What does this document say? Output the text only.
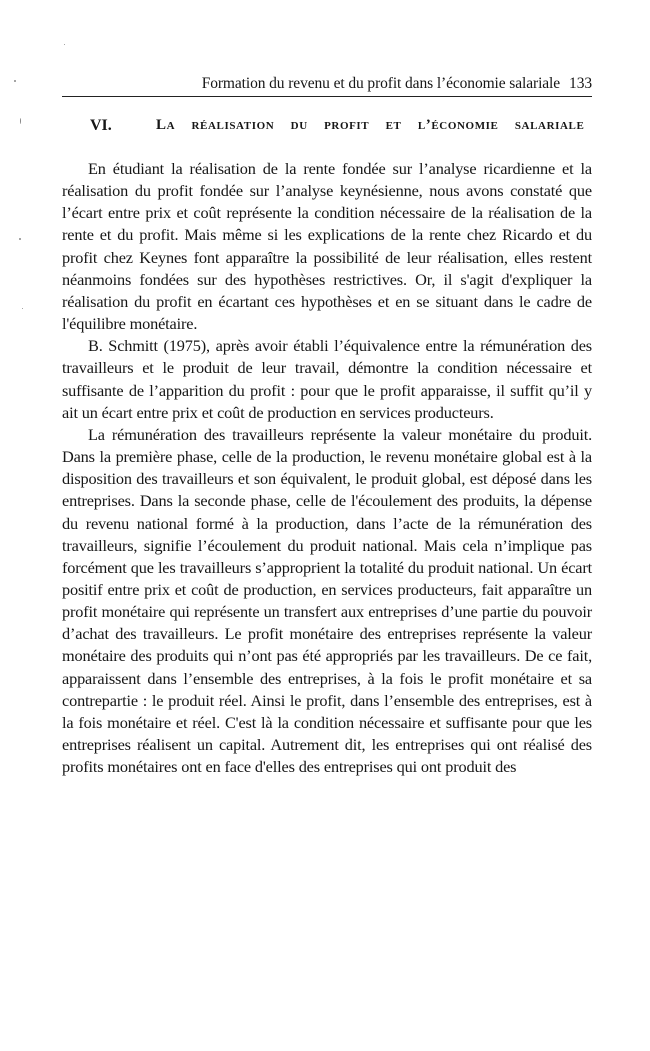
Formation du revenu et du profit dans l’économie salariale 133
VI.	La réalisation du profit et l’économie salariale

En étudiant la réalisation de la rente fondée sur l’analyse ricardienne et la réalisation du profit fondée sur l’analyse keynésienne, nous avons constaté que l’écart entre prix et coût représente la condition nécessaire de la réalisation de la rente et du profit. Mais même si les explications de la rente chez Ricardo et du profit chez Keynes font apparaître la possibilité de leur réalisation, elles restent néanmoins fondées sur des hypothèses restrictives. Or, il s'agit d'expliquer la réalisation du profit en écartant ces hypothèses et en se situant dans le cadre de l'équilibre monétaire.

B. Schmitt (1975), après avoir établi l’équivalence entre la rémunération des travailleurs et le produit de leur travail, démontre la condition nécessaire et suffisante de l’apparition du profit : pour que le profit apparaisse, il suffit qu’il y ait un écart entre prix et coût de production en services producteurs.

La rémunération des travailleurs représente la valeur monétaire du produit. Dans la première phase, celle de la production, le revenu monétaire global est à la disposition des travailleurs et son équivalent, le produit global, est déposé dans les entreprises. Dans la seconde phase, celle de l'écoulement des produits, la dépense du revenu national formé à la production, dans l’acte de la rémunération des travailleurs, signifie l’écoulement du produit national. Mais cela n’implique pas forcément que les travailleurs s’approprient la totalité du produit national. Un écart positif entre prix et coût de production, en services producteurs, fait apparaître un profit monétaire qui représente un transfert aux entreprises d’une partie du pouvoir d’achat des travailleurs. Le profit monétaire des entreprises représente la valeur monétaire des produits qui n’ont pas été appropriés par les travailleurs. De ce fait, apparaissent dans l’ensemble des entreprises, à la fois le profit monétaire et sa contrepartie : le produit réel. Ainsi le profit, dans l’ensemble des entreprises, est à la fois monétaire et réel. C'est là la condition nécessaire et suffisante pour que les entreprises réalisent un capital. Autrement dit, les entreprises qui ont réalisé des profits monétaires ont en face d'elles des entreprises qui ont produit des
